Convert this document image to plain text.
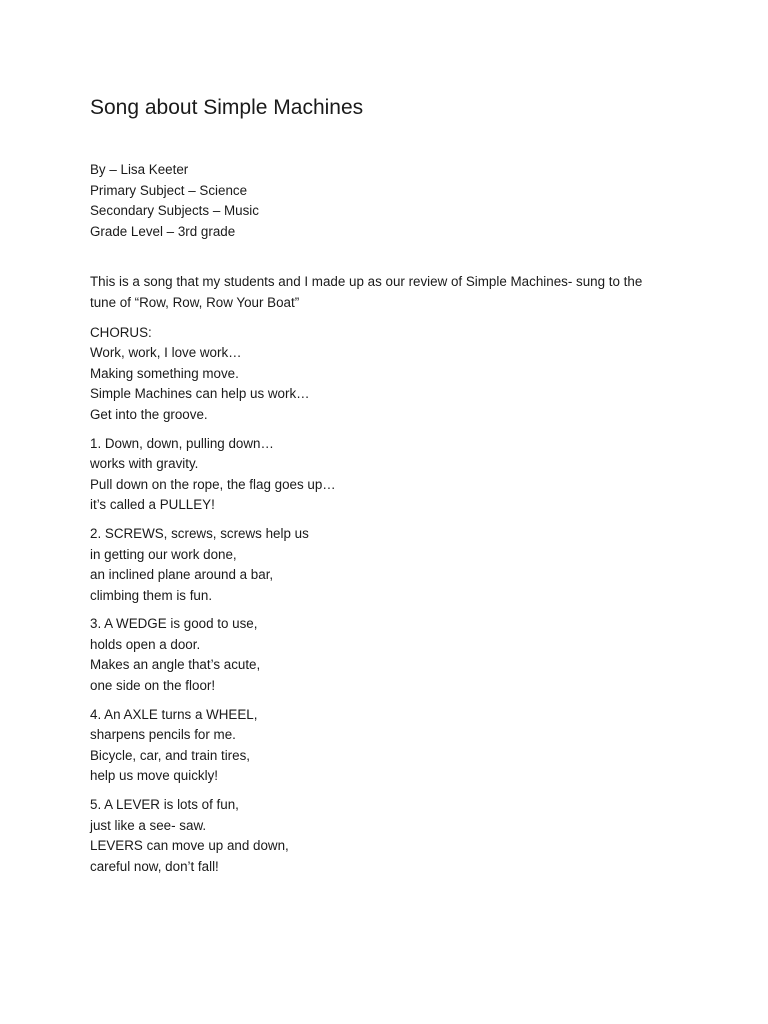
Song about Simple Machines
By – Lisa Keeter
Primary Subject – Science
Secondary Subjects – Music
Grade Level – 3rd grade
This is a song that my students and I made up as our review of Simple Machines- sung to the
tune of “Row, Row, Row Your Boat”
CHORUS:
Work, work, I love work…
Making something move.
Simple Machines can help us work…
Get into the groove.
1. Down, down, pulling down…
works with gravity.
Pull down on the rope, the flag goes up…
it’s called a PULLEY!
2. SCREWS, screws, screws help us
in getting our work done,
an inclined plane around a bar,
climbing them is fun.
3. A WEDGE is good to use,
holds open a door.
Makes an angle that’s acute,
one side on the floor!
4. An AXLE turns a WHEEL,
sharpens pencils for me.
Bicycle, car, and train tires,
help us move quickly!
5. A LEVER is lots of fun,
just like a see- saw.
LEVERS can move up and down,
careful now, don’t fall!
